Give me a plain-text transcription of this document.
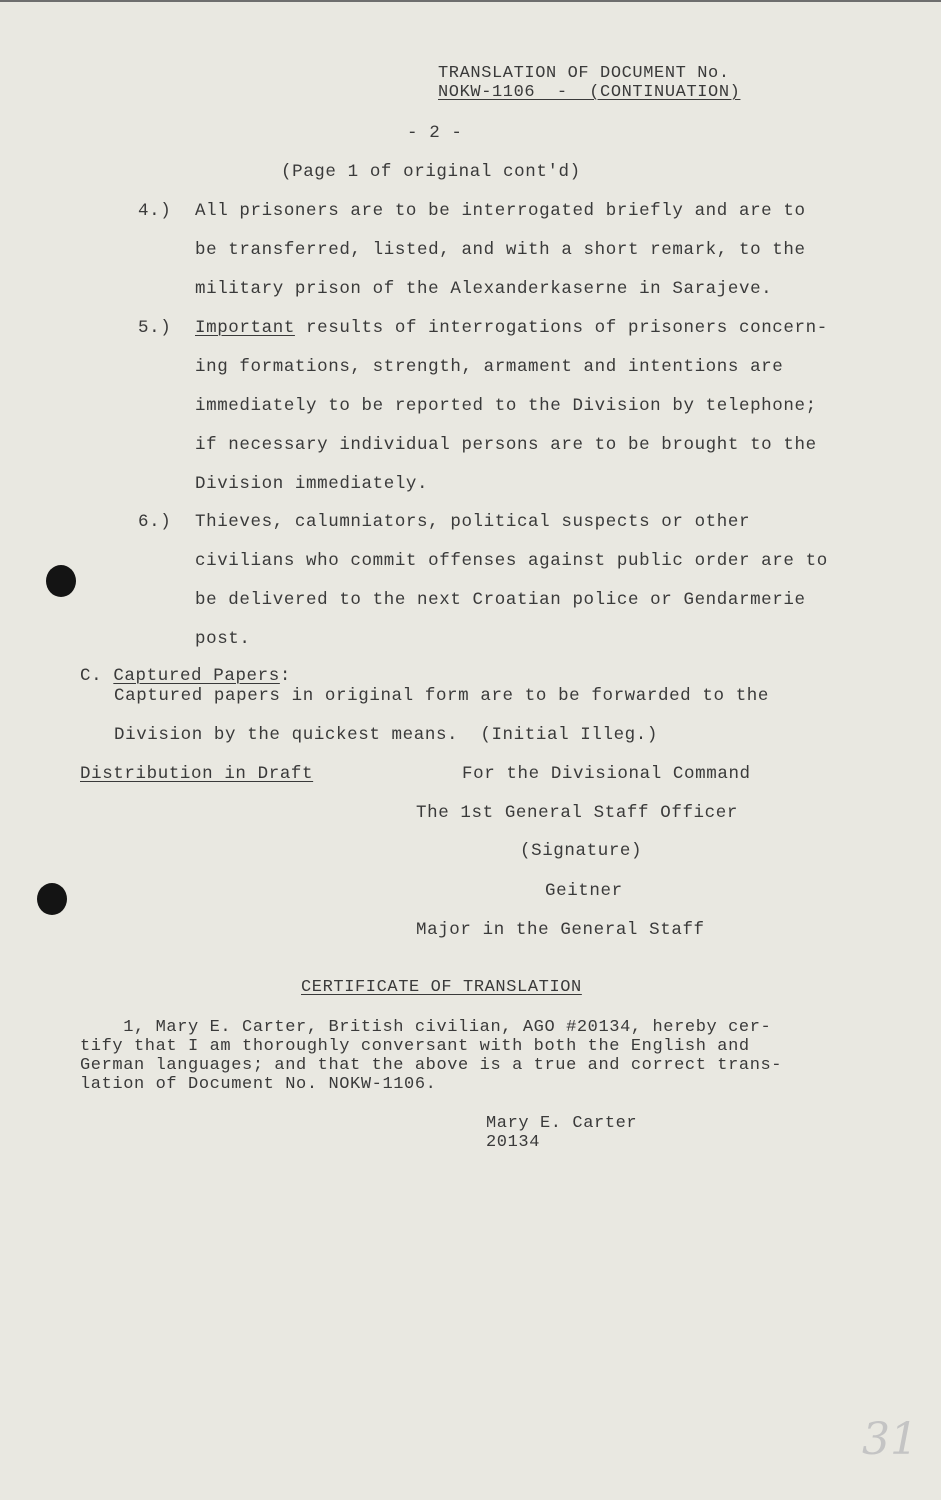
TRANSLATION OF DOCUMENT No.
NOKW-1106  -  (CONTINUATION)
- 2 -
(Page 1 of original cont'd)
4.) All prisoners are to be interrogated briefly and are to
be transferred, listed, and with a short remark, to the
military prison of the Alexanderkaserne in Sarajeve.
5.) Important results of interrogations of prisoners concern-
ing formations, strength, armament and intentions are
immediately to be reported to the Division by telephone;
if necessary individual persons are to be brought to the
Division immediately.
6.) Thieves, calumniators, political suspects or other
civilians who commit offenses against public order are to
be delivered to the next Croatian police or Gendarmerie
post.
C. Captured Papers:
Captured papers in original form are to be forwarded to the
Division by the quickest means.  (Initial Illeg.)
Distribution in Draft	For the Divisional Command
The 1st General Staff Officer
(Signature)
Geitner
Major in the General Staff
CERTIFICATE OF TRANSLATION
1, Mary E. Carter, British civilian, AGO #20134, hereby cer-
tify that I am thoroughly conversant with both the English and
German languages; and that the above is a true and correct trans-
lation of Document No. NOKW-1106.
Mary E. Carter
20134
31
